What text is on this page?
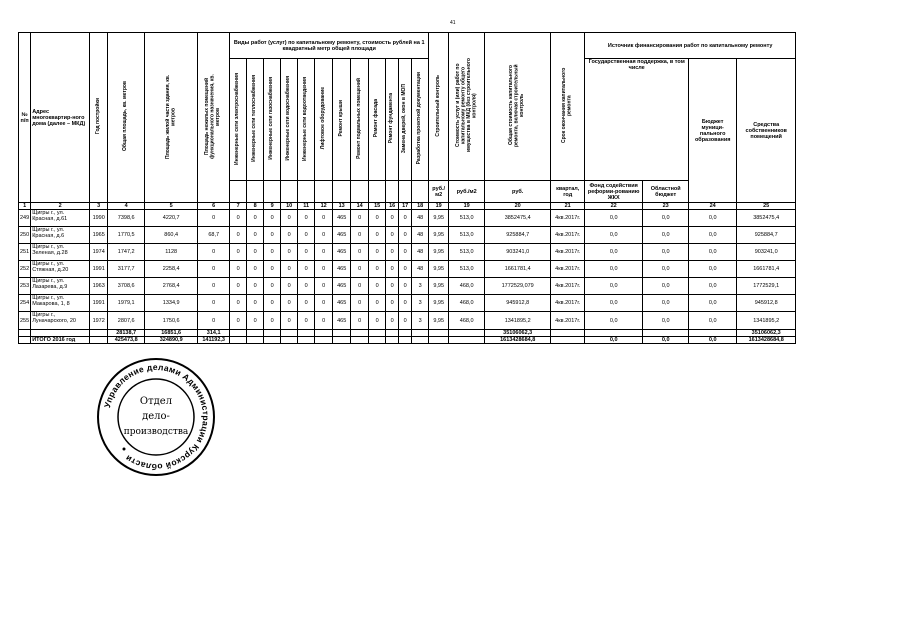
41
№ п/п	Адрес многоквартир-ного дома (далее – МКД)	Год постройки	Общая площадь, кв. метров	Площадь жилой части здания, кв. метров	Площадь нежилых помещений функционального назначения, кв. метров	Виды работ (услуг) по капитальному ремонту, стоимость рублей на 1 квадратный метр общей площади												Строительный контроль	Стоимость услуг и (или) работ по капитальному ремонту общего имущества в МКД (без строительного контроля)	Общая стоимость капитального ремонта, включая строительный контроль	Срок окончания капитального ремонта	Источник финансирования работ по капитальному ремонту			
						Инженерные сети электроснабжения	Инженерные сети теплоснабжения	Инженерные сети газоснабжения	Инженерные сети водоснабжения	Инженерные сети водоотведения	Лифтовое оборудование	Ремонт крыши	Ремонт подвальных помещений	Ремонт фасада	Ремонт фундамента	Замена дверей, окон в МОП	Разработка проектной документации					Государственная поддержка, в том числе		Бюджет муници-пального образования	Средства собственников помещений
																		руб./ м2	руб./м2	руб.	квартал, год	Фонд содействия реформи-рованию ЖКХ	Областной бюджет		
1	2	3	4	5	6	7	8	9	10	11	12	13	14	15	16	17	18	19	19	20	21	22	23	24	25
249	Щигры г., ул. Красная, д.61	1990	7398,6	4220,7	0	0	0	0	0	0	0	465	0	0	0	0	48	9,95	513,0	3852475,4	4кв.2017г.	0,0	0,0	0,0	3852475,4
250	Щигры г., ул. Красная, д.6	1965	1770,5	860,4	68,7	0	0	0	0	0	0	465	0	0	0	0	48	9,95	513,0	925884,7	4кв.2017г.	0,0	0,0	0,0	925884,7
251	Щигры г., ул. Зеленая, д.28	1974	1747,2	1128	0	0	0	0	0	0	0	465	0	0	0	0	48	9,95	513,0	903241,0	4кв.2017г.	0,0	0,0	0,0	903241,0
252	Щигры г., ул. Стяжная, д.20	1991	3177,7	2258,4	0	0	0	0	0	0	0	465	0	0	0	0	48	9,95	513,0	1661781,4	4кв.2017г.	0,0	0,0	0,0	1661781,4
253	Щигры г., ул. Лазарева, д.9	1963	3708,6	2768,4	0	0	0	0	0	0	0	465	0	0	0	0	3	9,95	468,0	1772529,079	4кв.2017г.	0,0	0,0	0,0	1772529,1
254	Щигры г., ул. Макарова, 1, 8	1991	1979,1	1334,9	0	0	0	0	0	0	0	465	0	0	0	0	3	9,95	468,0	945912,8	4кв.2017г.	0,0	0,0	0,0	945912,8
255	Щигры г., Луначарского, 20	1972	2807,6	1750,6	0	0	0	0	0	0	0	465	0	0	0	0	3	9,95	468,0	1341895,2	4кв.2017г.	0,0	0,0	0,0	1341895,2
			28138,7	16851,6	314,1															35106062,3					35106062,3
	ИТОГО 2016 год		425473,8	324890,9	141192,3															1613428684,8		0,0	0,0	0,0	1613428684,8
Управление делами Администрации Курской области
Отдел
дело-
производства
